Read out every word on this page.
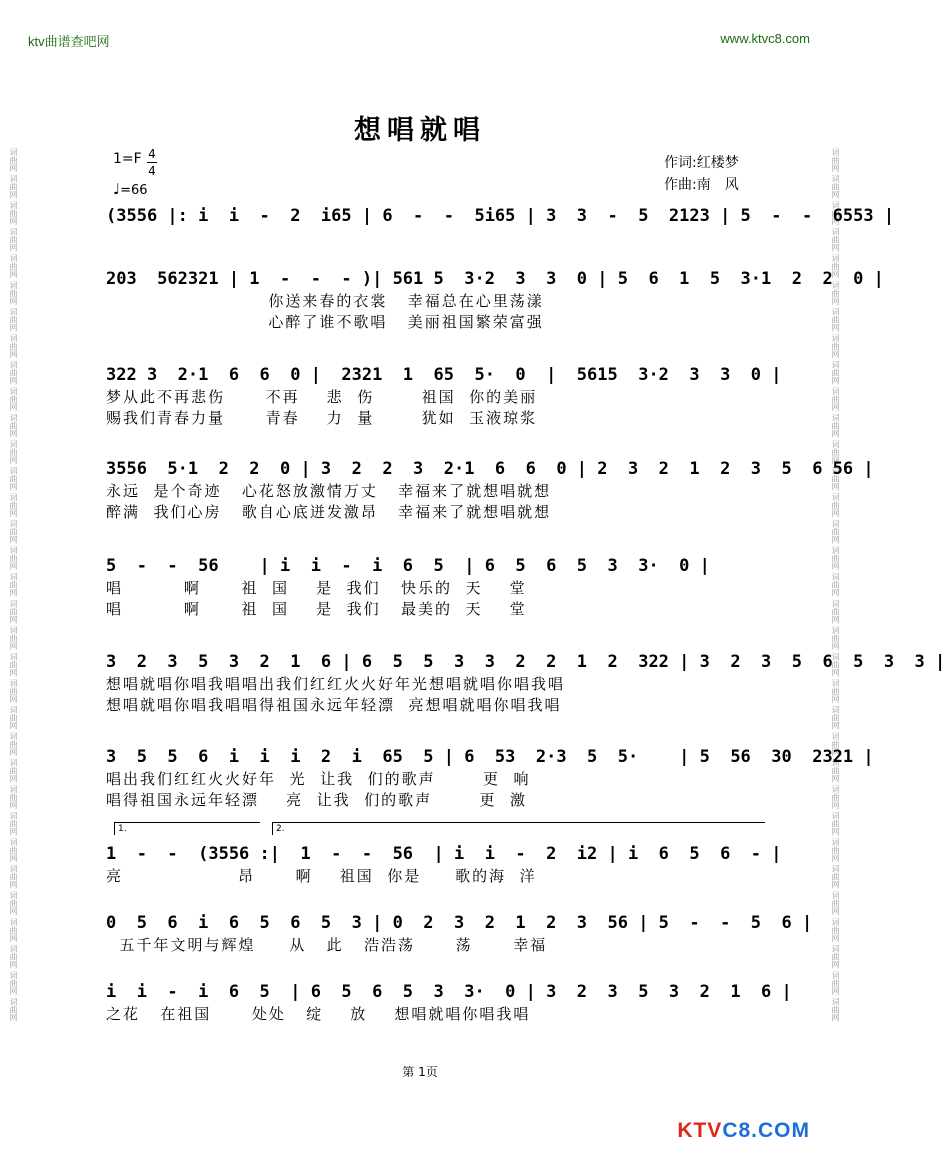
词曲网 词曲网 词曲网 词曲网 词曲网 词曲网 词曲网 词曲网 词曲网 词曲网 词曲网 词曲网 词曲网 词曲网 词曲网 词曲网 词曲网 词曲网 词曲网 词曲网 词曲网 词曲网 词曲网 词曲网 词曲网 词曲网 词曲网 词曲网 词曲网 词曲网 词曲网 词曲网 词曲网	词曲网 词曲网 词曲网 词曲网 词曲网 词曲网 词曲网 词曲网 词曲网 词曲网 词曲网 词曲网 词曲网 词曲网 词曲网 词曲网 词曲网 词曲网 词曲网 词曲网 词曲网 词曲网 词曲网 词曲网 词曲网 词曲网 词曲网 词曲网 词曲网 词曲网 词曲网 词曲网 词曲网
ktv曲谱查吧网	www.ktvc8.com
想唱就唱
1=F 4
4
♩=66
作词:红楼梦
作曲:南　风
(3556 |: i  i  -  2  i65 | 6  -  -  5i65 | 3  3  -  5  2123 | 5  -  -  6553 |
203  562321 | 1  -  -  - )| 561 5  3·2  3  3  0 | 5  6  1  5  3·1  2  2  0 |
你送来春的衣裳   幸福总在心里荡漾
心醉了谁不歌唱   美丽祖国繁荣富强
322 3  2·1  6  6  0 |  2321  1  65  5·  0  |  5615  3·2  3  3  0 |
梦从此不再悲伤      不再    悲  伤       祖国  你的美丽
赐我们青春力量      青春    力  量       犹如  玉液琼浆
3556  5·1  2  2  0 | 3  2  2  3  2·1  6  6  0 | 2  3  2  1  2  3  5  6 56 |
永远  是个奇迹   心花怒放激情万丈   幸福来了就想唱就想
醉满  我们心房   歌自心底迸发激昂   幸福来了就想唱就想
5  -  -  56    | i  i  -  i  6  5  | 6  5  6  5  3  3·  0 |
唱         啊      祖  国    是  我们   快乐的  天    堂
唱         啊      祖  国    是  我们   最美的  天    堂
3  2  3  5  3  2  1  6 | 6  5  5  3  3  2  2  1  2  322 | 3  2  3  5  6  5  3  3 |
想唱就唱你唱我唱唱出我们红红火火好年光想唱就唱你唱我唱
想唱就唱你唱我唱唱得祖国永远年轻漂  亮想唱就唱你唱我唱
3  5  5  6  i  i  i  2  i  65  5 | 6  53  2·3  5  5·    | 5  56  30  2321 |
唱出我们红红火火好年  光  让我  们的歌声       更  响
唱得祖国永远年轻漂    亮  让我  们的歌声       更  激
1.	2.
1  -  -  (3556 :|  1  -  -  56  | i  i  -  2  i2 | i  6  5  6  - |
亮                 昂      啊    祖国  你是     歌的海  洋
0  5  6  i  6  5  6  5  3 | 0  2  3  2  1  2  3  56 | 5  -  -  5  6 |
五千年文明与辉煌     从   此   浩浩荡      荡      幸福
i  i  -  i  6  5  | 6  5  6  5  3  3·  0 | 3  2  3  5  3  2  1  6 |
之花   在祖国      处处   绽    放    想唱就唱你唱我唱
第 1页
KTVC8.COM
